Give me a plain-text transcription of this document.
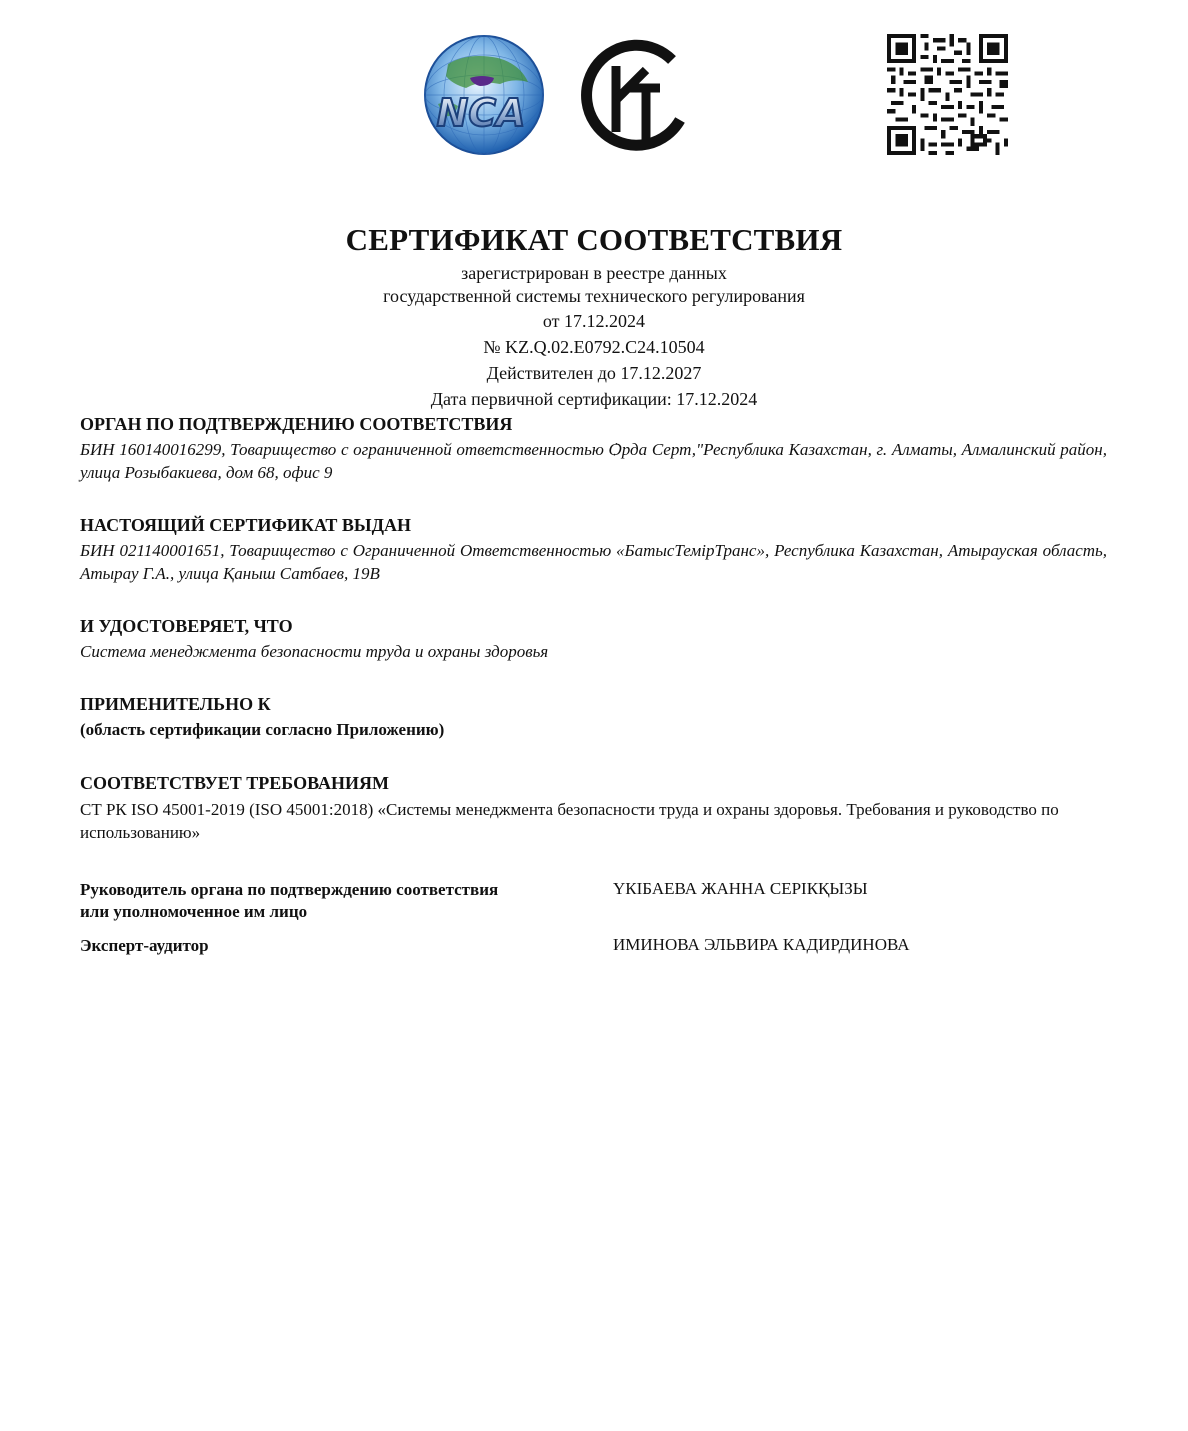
NCA
СЕРТИФИКАТ СООТВЕТСТВИЯ
зарегистрирован в реестре данных
государственной системы технического регулирования
от 17.12.2024
№ KZ.Q.02.E0792.C24.10504
Действителен до 17.12.2027
Дата первичной сертификации: 17.12.2024
ОРГАН ПО ПОДТВЕРЖДЕНИЮ СООТВЕТСТВИЯ
БИН 160140016299, Товарищество с ограниченной ответственностью Ѻрда Серт,"Республика Казахстан, г. Алматы, Алмалинский район, улица Розыбакиева, дом 68, офис 9
НАСТОЯЩИЙ СЕРТИФИКАТ ВЫДАН
БИН 021140001651, Товарищество с Ограниченной Ответственностью «БатысТемірТранс», Республика Казахстан, Атырауская область, Атырау Г.А., улица Қаныш Сатбаев, 19В
И УДОСТОВЕРЯЕТ, ЧТО
Система менеджмента безопасности труда и охраны здоровья
ПРИМЕНИТЕЛЬНО К
(область сертификации согласно Приложению)
СООТВЕТСТВУЕТ ТРЕБОВАНИЯМ
СТ РК ISO 45001-2019 (ISO 45001:2018) «Системы менеджмента безопасности труда и охраны здоровья. Требования и руководство по использованию»
Руководитель органа по подтверждению соответствия или уполномоченное им лицо
ҮКІБАЕВА ЖАННА СЕРІКҚЫЗЫ
Эксперт-аудитор	ИМИНОВА ЭЛЬВИРА КАДИРДИНОВА
